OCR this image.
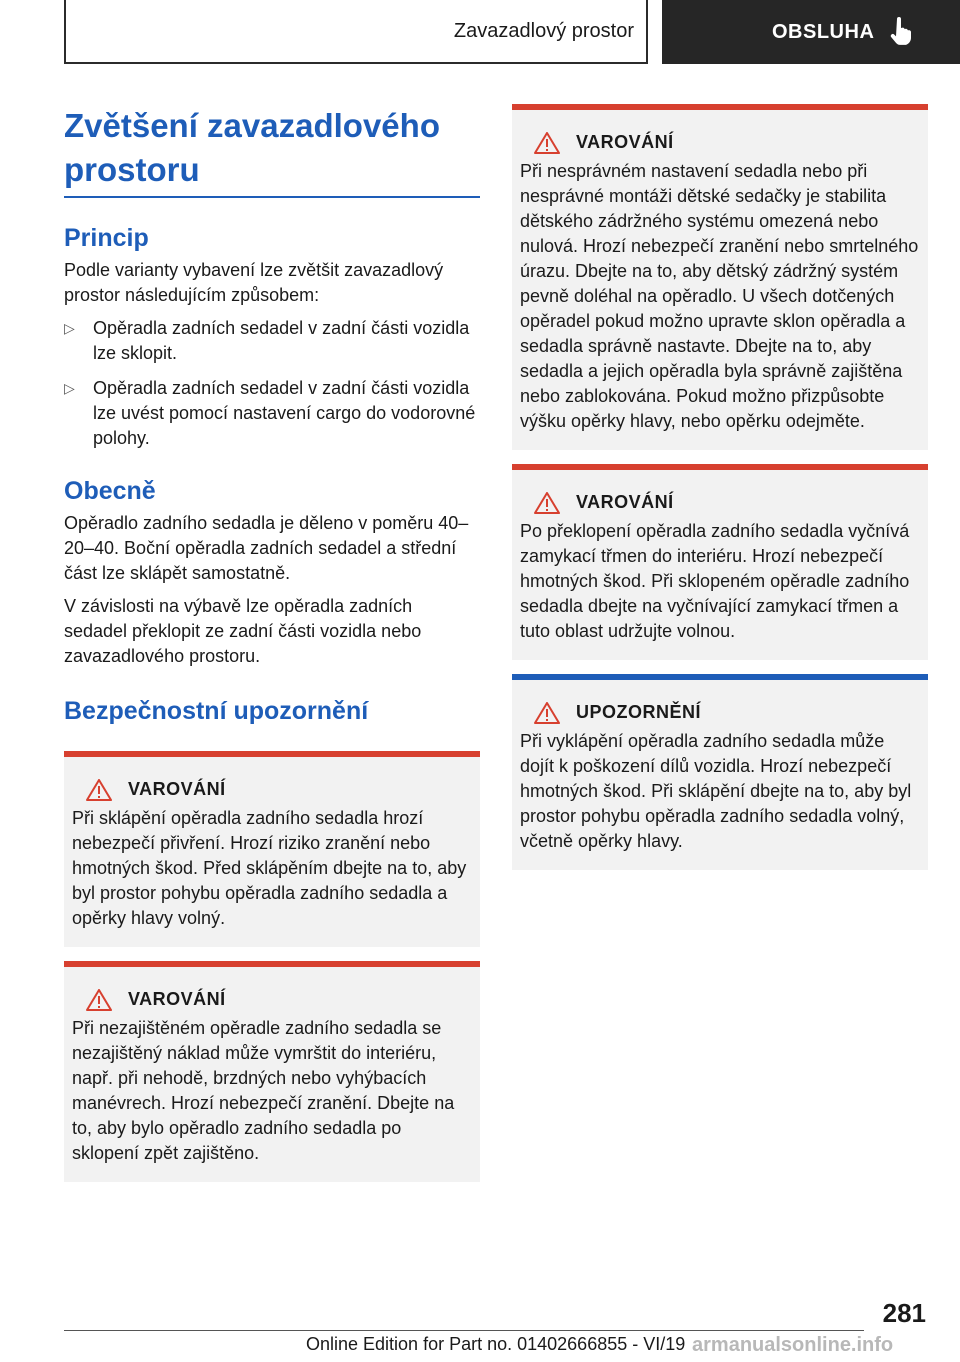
Zavazadlový prostor	OBSLUHA
Zvětšení zavazadlového prostoru
Princip

Podle varianty vybavení lze zvětšit zavazadlový prostor následujícím způsobem:

▷ Opěradla zadních sedadel v zadní části vozidla lze sklopit.
▷ Opěradla zadních sedadel v zadní části vozidla lze uvést pomocí nastavení cargo do vodorovné polohy.
Obecně

Opěradlo zadního sedadla je děleno v poměru 40–20–40. Boční opěradla zadních sedadel a střední část lze sklápět samostatně.

V závislosti na výbavě lze opěradla zadních sedadel překlopit ze zadní části vozidla nebo zavazadlového prostoru.

Bezpečnostní upozornění
VAROVÁNÍ
Při sklápění opěradla zadního sedadla hrozí nebezpečí přivření. Hrozí riziko zranění nebo hmotných škod. Před sklápěním dbejte na to, aby byl prostor pohybu opěradla zadního sedadla a opěrky hlavy volný.
VAROVÁNÍ
Při nezajištěném opěradle zadního sedadla se nezajištěný náklad může vymrštit do interiéru, např. při nehodě, brzdných nebo vyhýbacích manévrech. Hrozí nebezpečí zranění. Dbejte na to, aby bylo opěradlo zadního sedadla po sklopení zpět zajištěno.
VAROVÁNÍ
Při nesprávném nastavení sedadla nebo při nesprávné montáži dětské sedačky je stabilita dětského zádržného systému omezená nebo nulová. Hrozí nebezpečí zranění nebo smrtelného úrazu. Dbejte na to, aby dětský zádržný systém pevně doléhal na opěradlo. U všech dotčených opěradel pokud možno upravte sklon opěradla a sedadla správně nastavte. Dbejte na to, aby sedadla a jejich opěradla byla správně zajištěna nebo zablokována. Pokud možno přizpůsobte výšku opěrky hlavy, nebo opěrku odejměte.
VAROVÁNÍ
Po překlopení opěradla zadního sedadla vyčnívá zamykací třmen do interiéru. Hrozí nebezpečí hmotných škod. Při sklopeném opěradle zadního sedadla dbejte na vyčnívající zamykací třmen a tuto oblast udržujte volnou.
UPOZORNĚNÍ
Při vyklápění opěradla zadního sedadla může dojít k poškození dílů vozidla. Hrozí nebezpečí hmotných škod. Při sklápění dbejte na to, aby byl prostor pohybu opěradla zadního sedadla volný, včetně opěrky hlavy.
281
Online Edition for Part no. 01402666855 - VI/19 armanualsonline.info
